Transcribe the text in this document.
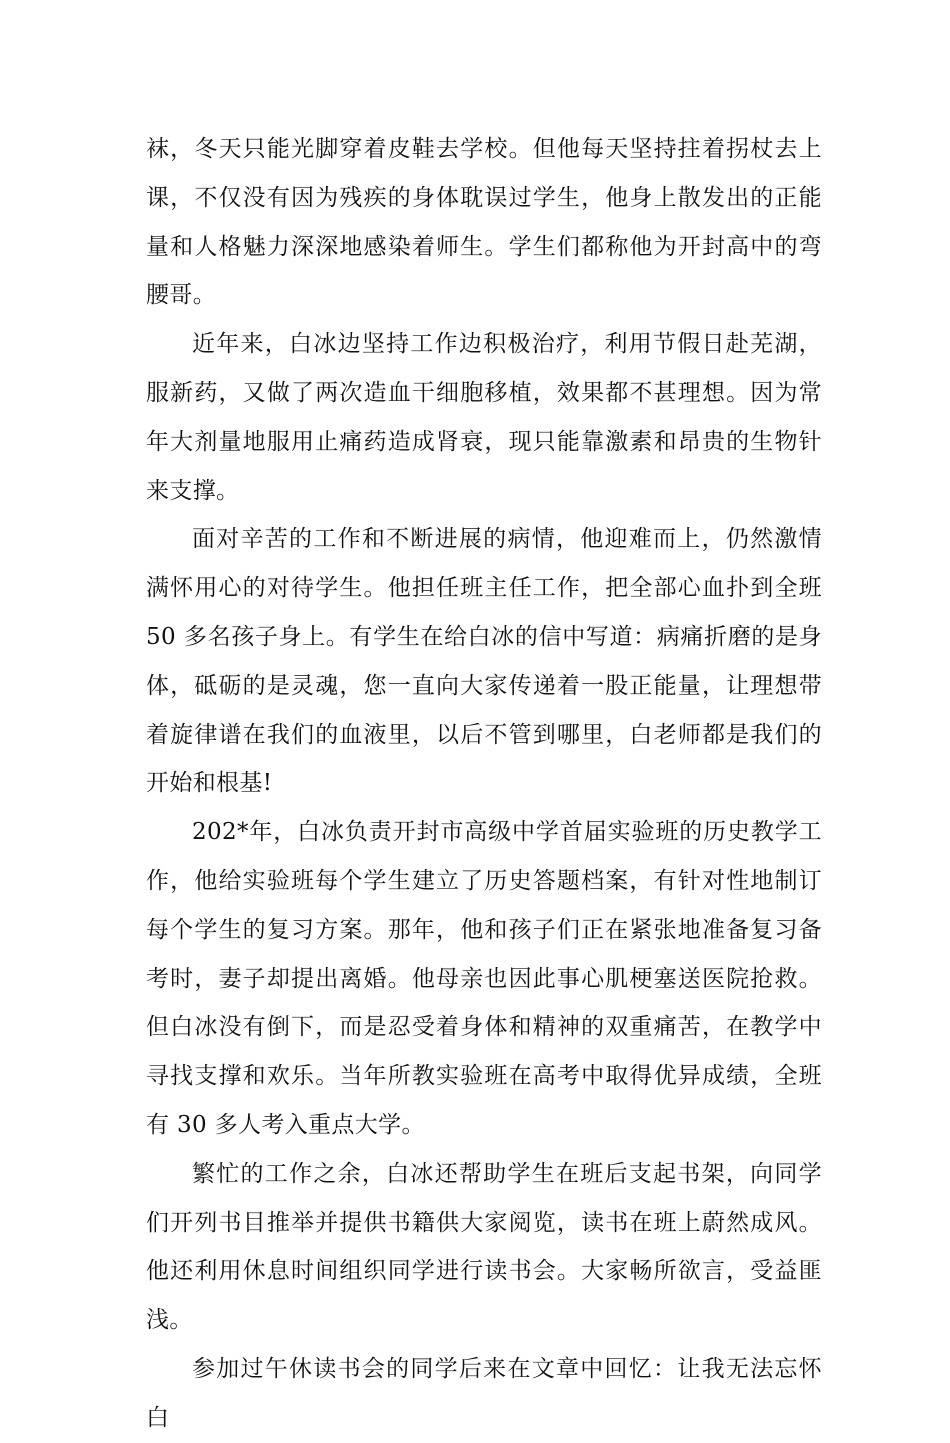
袜，冬天只能光脚穿着皮鞋去学校。但他每天坚持拄着拐杖去上课，不仅没有因为残疾的身体耽误过学生，他身上散发出的正能量和人格魅力深深地感染着师生。学生们都称他为开封高中的弯腰哥。

近年来，白冰边坚持工作边积极治疗，利用节假日赴芜湖，服新药，又做了两次造血干细胞移植，效果都不甚理想。因为常年大剂量地服用止痛药造成肾衰，现只能靠激素和昂贵的生物针来支撑。

面对辛苦的工作和不断进展的病情，他迎难而上，仍然激情满怀用心的对待学生。他担任班主任工作，把全部心血扑到全班 50 多名孩子身上。有学生在给白冰的信中写道：病痛折磨的是身体，砥砺的是灵魂，您一直向大家传递着一股正能量，让理想带着旋律谱在我们的血液里，以后不管到哪里，白老师都是我们的开始和根基!

202*年，白冰负责开封市高级中学首届实验班的历史教学工作，他给实验班每个学生建立了历史答题档案，有针对性地制订每个学生的复习方案。那年，他和孩子们正在紧张地准备复习备考时，妻子却提出离婚。他母亲也因此事心肌梗塞送医院抢救。但白冰没有倒下，而是忍受着身体和精神的双重痛苦，在教学中寻找支撑和欢乐。当年所教实验班在高考中取得优异成绩，全班有 30 多人考入重点大学。

繁忙的工作之余，白冰还帮助学生在班后支起书架，向同学们开列书目推举并提供书籍供大家阅览，读书在班上蔚然成风。他还利用休息时间组织同学进行读书会。大家畅所欲言，受益匪浅。

参加过午休读书会的同学后来在文章中回忆：让我无法忘怀白
